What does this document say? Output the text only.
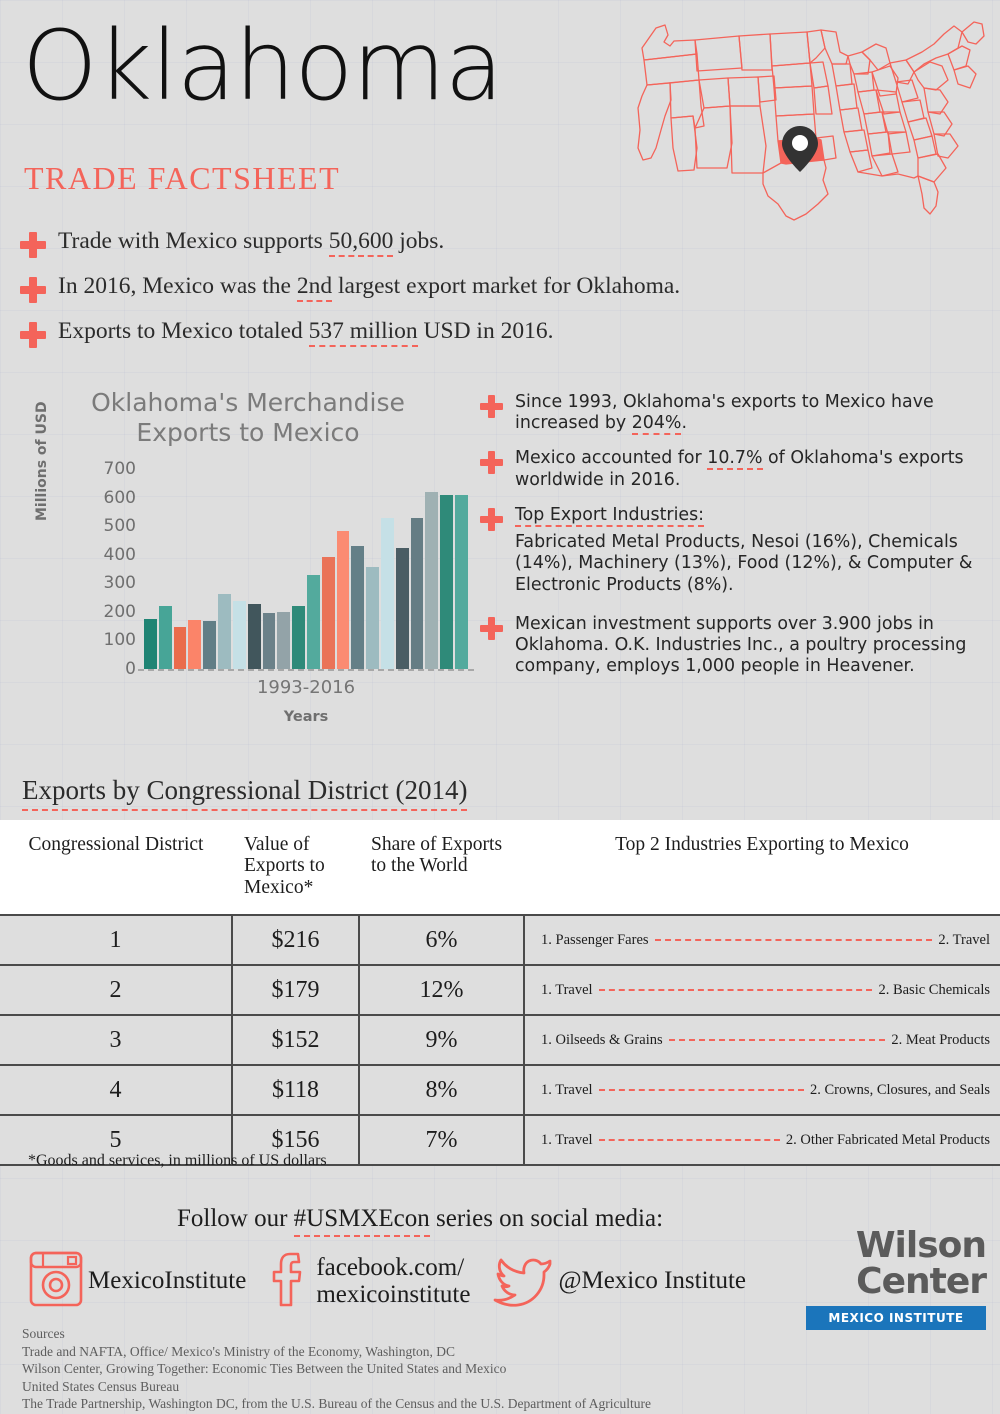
Oklahoma
TRADE FACTSHEET
Trade with Mexico supports 50,600 jobs.
In 2016, Mexico was the 2nd largest export market for Oklahoma.
Exports to Mexico totaled 537 million USD in 2016.
Oklahoma's Merchandise Exports to Mexico
Millions of USD
0
100
200
300
400
500
600
700
1993-2016
Years
Since 1993, Oklahoma's exports to Mexico have increased by 204%.
Mexico accounted for 10.7% of Oklahoma's exports worldwide in 2016.
Top Export Industries:
Fabricated Metal Products, Nesoi (16%), Chemicals (14%), Machinery (13%), Food (12%), & Computer & Electronic Products (8%).
Mexican investment supports over 3.900 jobs in Oklahoma. O.K. Industries Inc., a poultry processing company, employs 1,000 people in Heavener.
Exports by Congressional District (2014)
Congressional District	Value of Exports to Mexico*	Share of Exports to the World	Top 2 Industries Exporting to Mexico
1	$216	6%	1. Passenger Fares 2. Travel

2	$179	12%	1. Travel 2. Basic Chemicals

3	$152	9%	1. Oilseeds & Grains 2. Meat Products

4	$118	8%	1. Travel 2. Crowns, Closures, and Seals

5	$156	7%	1. Travel 2. Other Fabricated Metal Products
*Goods and services, in millions of US dollars
Follow our #USMXEcon series on social media:
MexicoInstitute	facebook.com/
mexicoinstitute	@Mexico Institute
Wilson
Center
MEXICO INSTITUTE
Sources
Trade and NAFTA, Office/ Mexico's Ministry of the Economy, Washington, DC
Wilson Center, Growing Together: Economic Ties Between the United States and Mexico
United States Census Bureau
The Trade Partnership, Washington DC, from the U.S. Bureau of the Census and the U.S. Department of Agriculture
